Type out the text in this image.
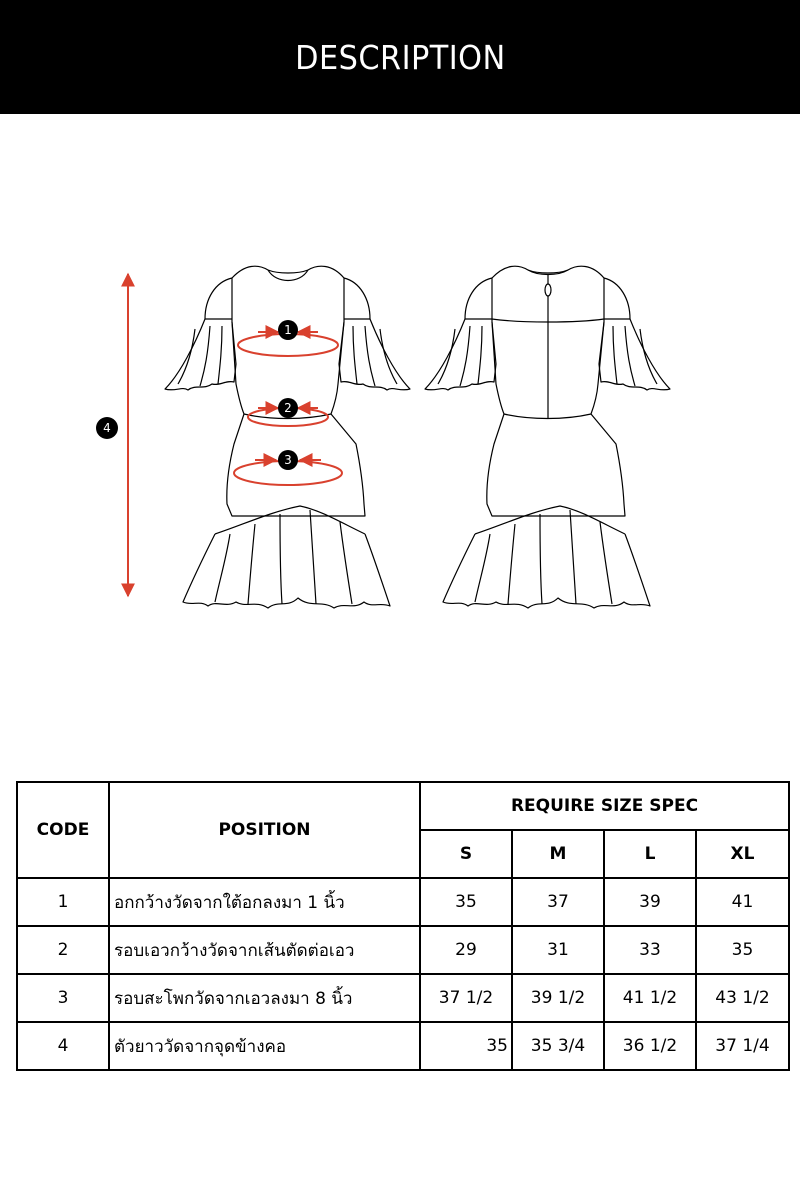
DESCRIPTION
1
2
3
4
CODE	POSITION	REQUIRE SIZE SPEC			
		S	M	L	XL
1	อกกว้างวัดจากใต้อกลงมา 1 นิ้ว	35	37	39	41
2	รอบเอวกว้างวัดจากเส้นตัดต่อเอว	29	31	33	35
3	รอบสะโพกวัดจากเอวลงมา 8 นิ้ว	37 1/2	39 1/2	41 1/2	43 1/2
4	ตัวยาววัดจากจุดข้างคอ	35	35 3/4	36 1/2	37 1/4
